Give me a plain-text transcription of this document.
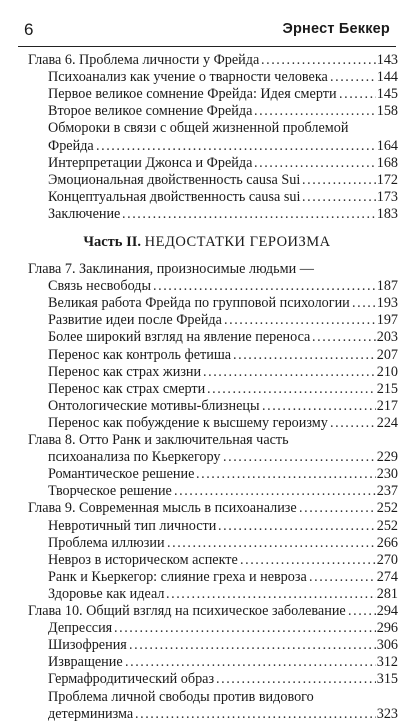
6	Эрнест Беккер
Часть II. НЕДОСТАТКИ ГЕРОИЗМА
Глава 6. Проблема личности у Фрейда . . .	143
Психоанализ как учение о тварности человека . . .	144
Первое великое сомнение Фрейда: Идея смерти . . .	145
Второе великое сомнение Фрейда . . .	158
Обмороки в связи с общей жизненной проблемой
Фрейда . . .	164
Интерпретации Джонса и Фрейда . . .	168
Эмоциональная двойственность causa Sui . . .	172
Концептуальная двойственность causa sui . . .	173
Заключение . . .	183
Глава 7. Заклинания, произносимые людьми —
Связь несвободы . . .	187
Великая работа Фрейда по групповой психологии . . . 193
Развитие идеи после Фрейда . . .	197
Более широкий взгляд на явление переноса . . .	203
Перенос как контроль фетиша . . .	207
Перенос как страх жизни . . .	210
Перенос как страх смерти . . .	215
Онтологические мотивы-близнецы . . .	217
Перенос как побуждение к высшему героизму . . .	224
Глава 8. Отто Ранк и заключительная часть
психоанализа по Кьеркегору . . .	229
Романтическое решение . . .	230
Творческое решение . . .	237
Глава 9. Современная мысль в психоанализе . . .	252
Невротичный тип личности . . .	252
Проблема иллюзии . . .	266
Невроз в историческом аспекте . . .	270
Ранк и Кьеркегор: слияние греха и невроза . . .	274
Здоровье как идеал . . .	281
Глава 10. Общий взгляд на психическое заболевание . . . 294
Депрессия . . .	296
Шизофрения . . .	306
Извращение . . .	312
Гермафродитический образ . . .	315
Проблема личной свободы против видового
детерминизма . . .	323
